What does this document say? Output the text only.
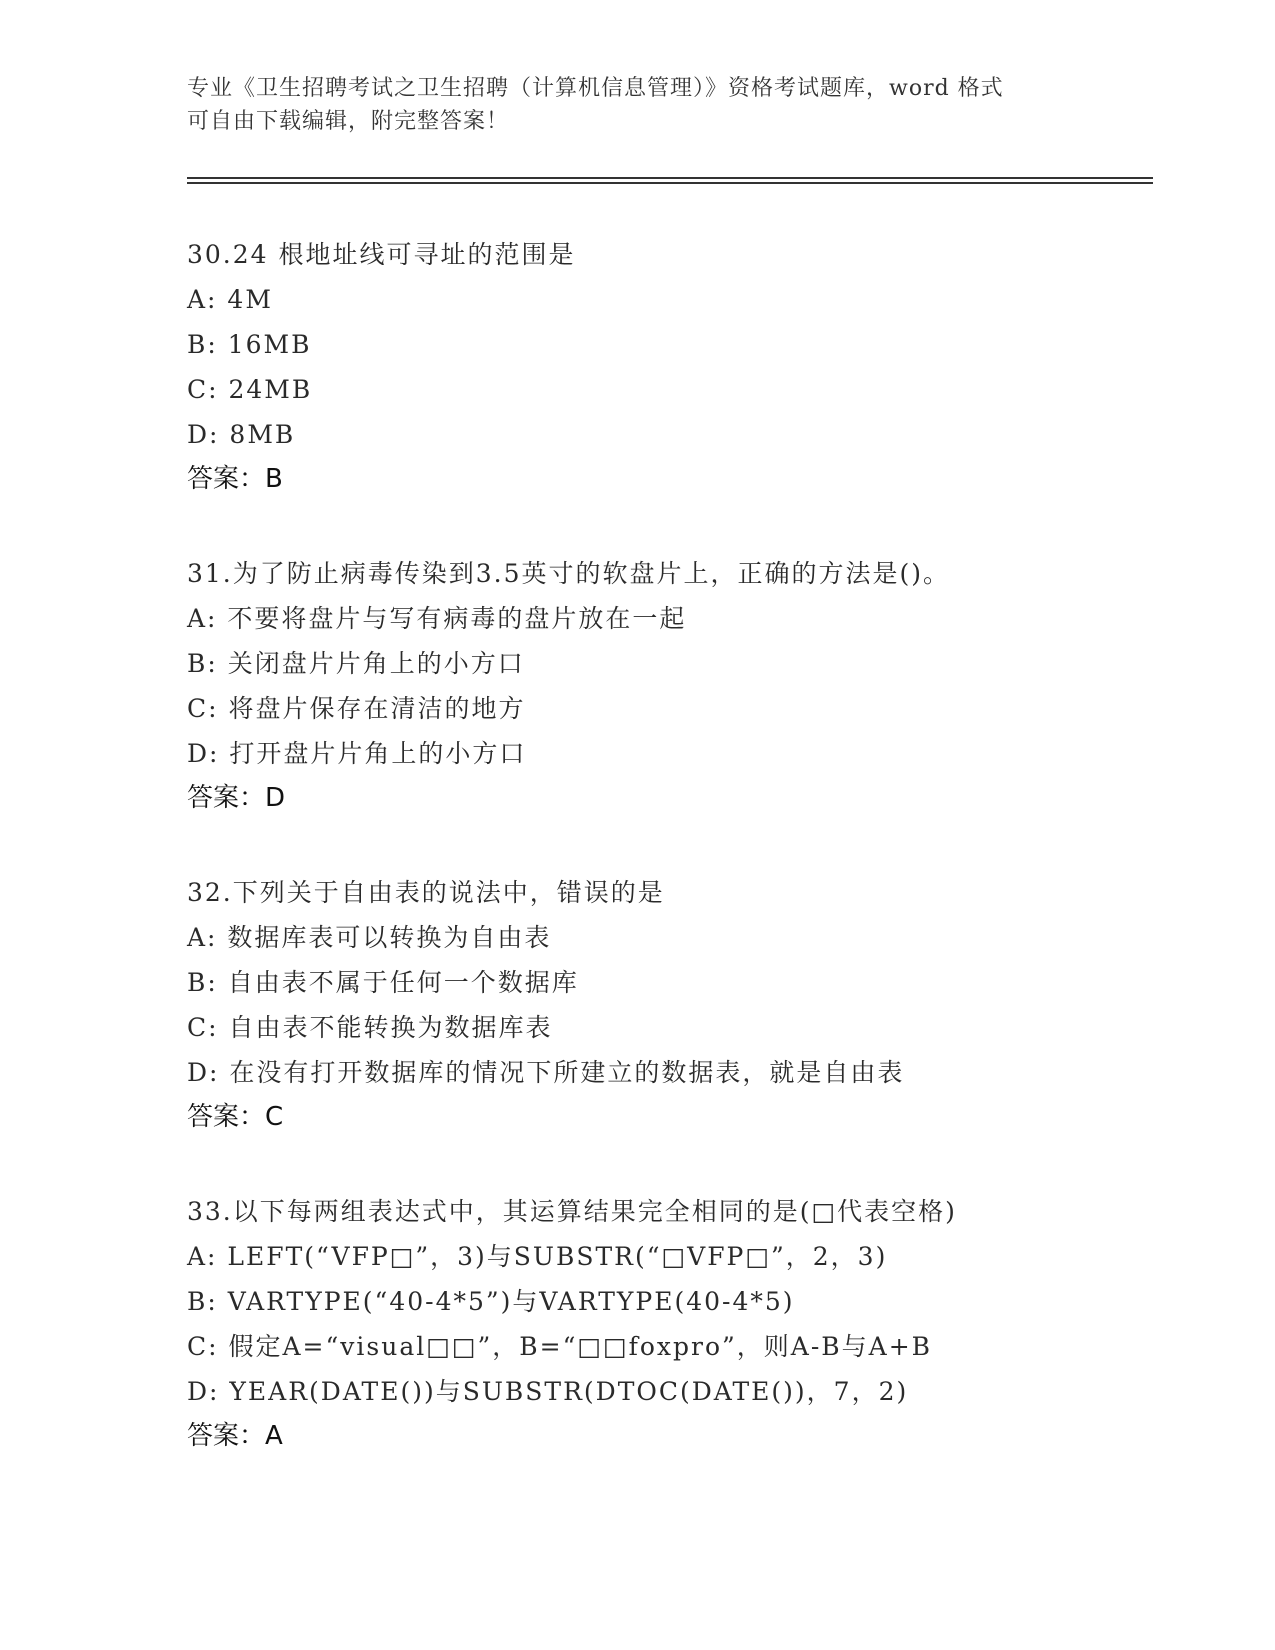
专业《卫生招聘考试之卫生招聘（计算机信息管理）》资格考试题库，word 格式
可自由下载编辑，附完整答案！
30.24 根地址线可寻址的范围是
A: 4M
B: 16MB
C: 24MB
D: 8MB
答案：B
31.为了防止病毒传染到3.5英寸的软盘片上，正确的方法是()。
A: 不要将盘片与写有病毒的盘片放在一起
B: 关闭盘片片角上的小方口
C: 将盘片保存在清洁的地方
D: 打开盘片片角上的小方口
答案：D
32.下列关于自由表的说法中，错误的是
A: 数据库表可以转换为自由表
B: 自由表不属于任何一个数据库
C: 自由表不能转换为数据库表
D: 在没有打开数据库的情况下所建立的数据表，就是自由表
答案：C
33.以下每两组表达式中，其运算结果完全相同的是(□代表空格)
A: LEFT(“VFP□”，3)与SUBSTR(“□VFP□”，2，3)
B: VARTYPE(“40-4*5”)与VARTYPE(40-4*5)
C: 假定A=“visual□□”，B=“□□foxpro”，则A-B与A+B
D: YEAR(DATE())与SUBSTR(DTOC(DATE())，7，2)
答案：A
